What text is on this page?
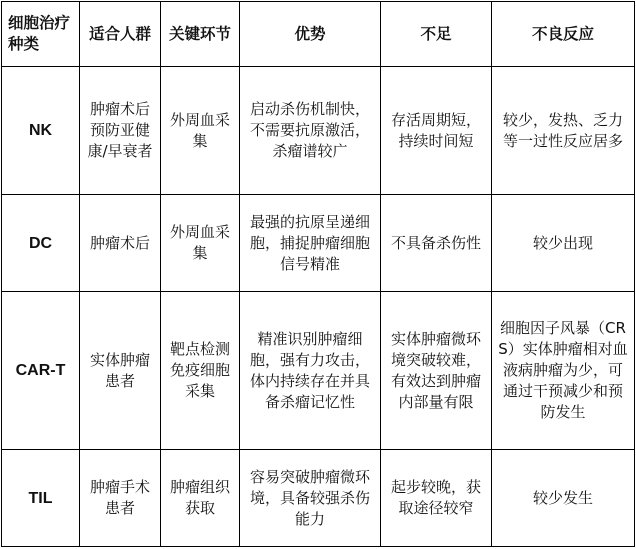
细胞治疗种类	适合人群	关键环节	优势	不足	不良反应
NK	肿瘤术后预防亚健康/早衰者	外周血采集	启动杀伤机制快，不需要抗原激活，杀瘤谱较广	存活周期短，持续时间短	较少，发热、乏力等一过性反应居多
DC	肿瘤术后	外周血采集	最强的抗原呈递细胞，捕捉肿瘤细胞信号精准	不具备杀伤性	较少出现
CAR-T	实体肿瘤患者	靶点检测免疫细胞采集	精准识别肿瘤细胞，强有力攻击，体内持续存在并具备杀瘤记忆性	实体肿瘤微环境突破较难，有效达到肿瘤内部量有限	细胞因子风暴（CRS）实体肿瘤相对血液病肿瘤为少，可通过干预减少和预防发生
TIL	肿瘤手术患者	肿瘤组织获取	容易突破肿瘤微环境，具备较强杀伤能力	起步较晚，获取途径较窄	较少发生
